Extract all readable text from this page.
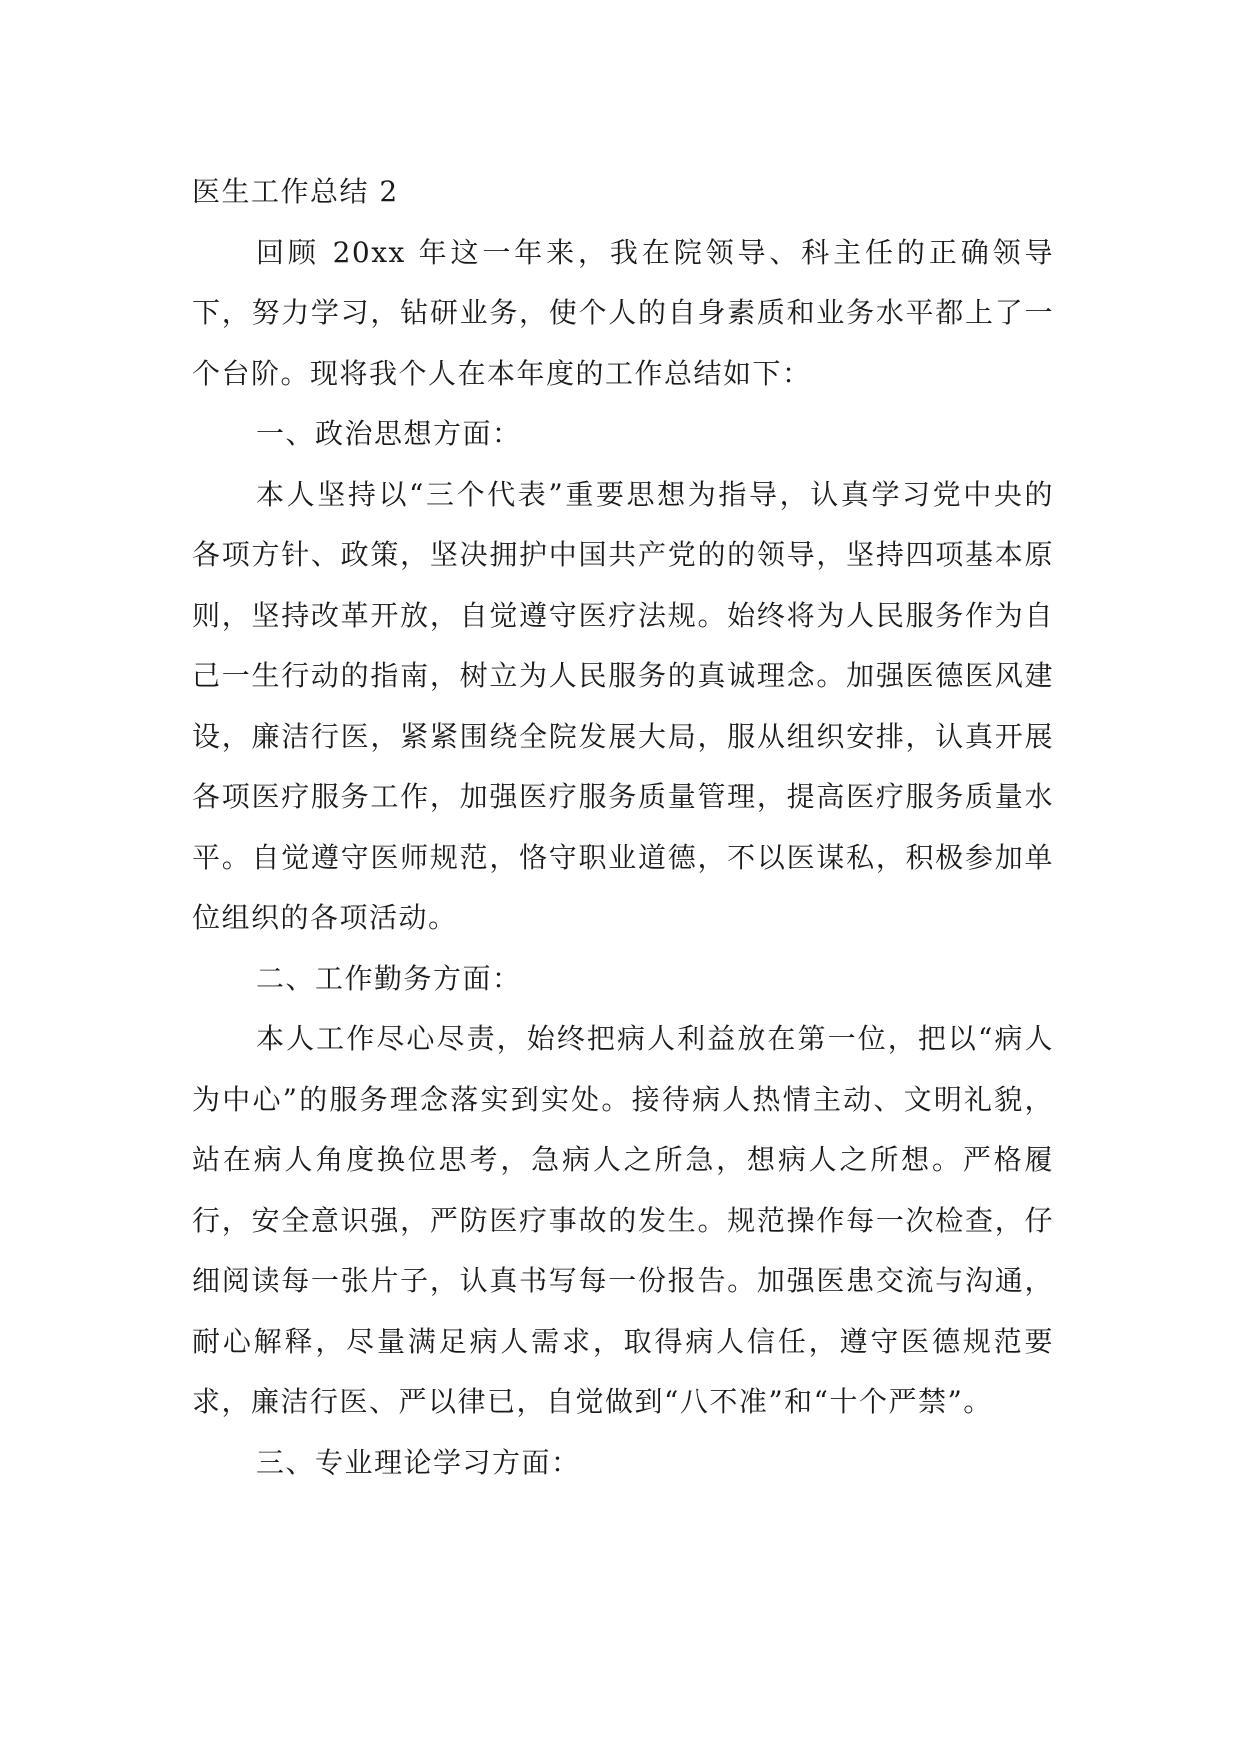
医生工作总结 2

回顾 20xx 年这一年来，我在院领导、科主任的正确领导下，努力学习，钻研业务，使个人的自身素质和业务水平都上了一个台阶。现将我个人在本年度的工作总结如下：

一、政治思想方面：

本人坚持以“三个代表”重要思想为指导，认真学习党中央的各项方针、政策，坚决拥护中国共产党的的领导，坚持四项基本原则，坚持改革开放，自觉遵守医疗法规。始终将为人民服务作为自己一生行动的指南，树立为人民服务的真诚理念。加强医德医风建设，廉洁行医，紧紧围绕全院发展大局，服从组织安排，认真开展各项医疗服务工作，加强医疗服务质量管理，提高医疗服务质量水平。自觉遵守医师规范，恪守职业道德，不以医谋私，积极参加单位组织的各项活动。

二、工作勤务方面：

本人工作尽心尽责，始终把病人利益放在第一位，把以“病人为中心”的服务理念落实到实处。接待病人热情主动、文明礼貌，站在病人角度换位思考，急病人之所急，想病人之所想。严格履行，安全意识强，严防医疗事故的发生。规范操作每一次检查，仔细阅读每一张片子，认真书写每一份报告。加强医患交流与沟通，耐心解释，尽量满足病人需求，取得病人信任，遵守医德规范要求，廉洁行医、严以律已，自觉做到“八不准”和“十个严禁”。

三、专业理论学习方面：
